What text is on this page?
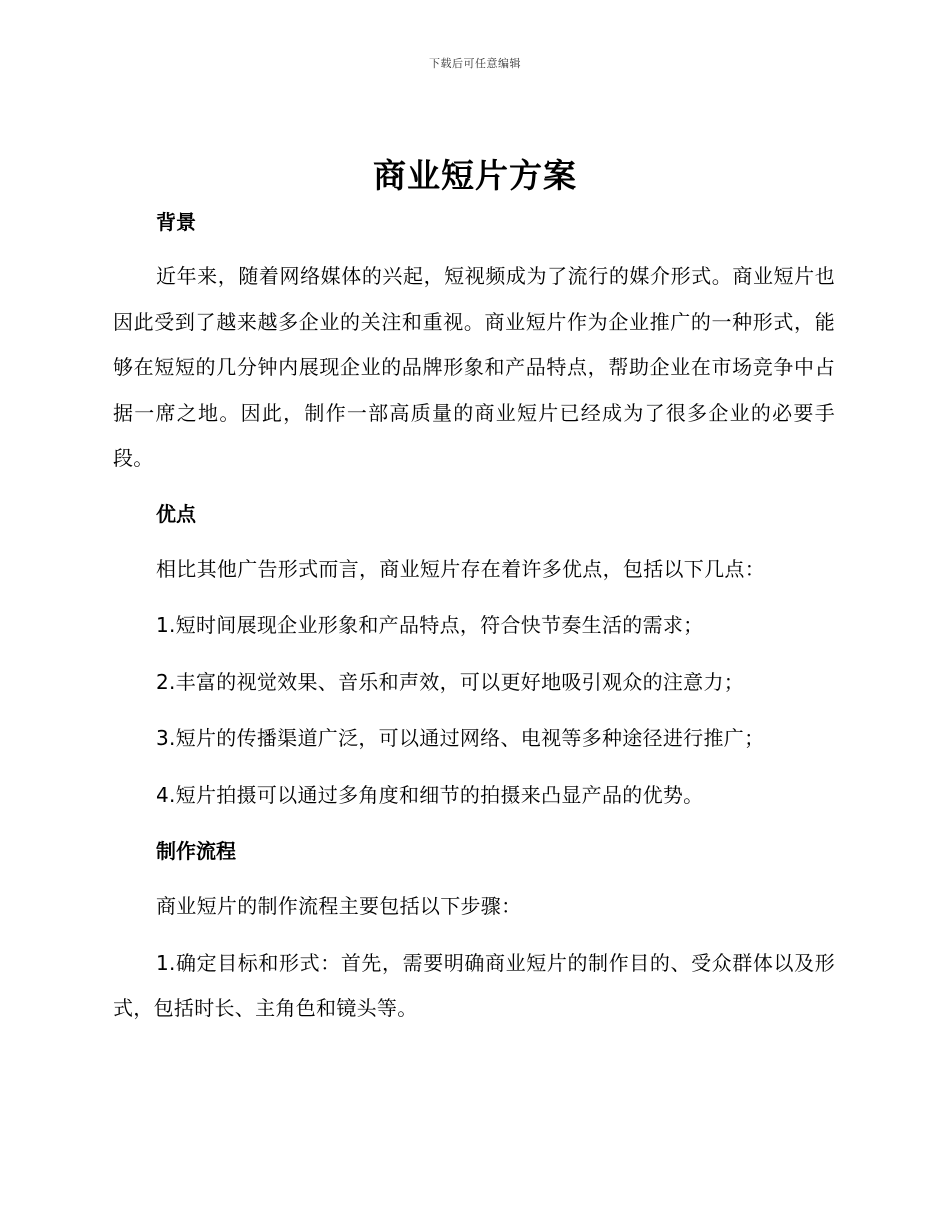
下载后可任意编辑
商业短片方案
背景

近年来，随着网络媒体的兴起，短视频成为了流行的媒介形式。商业短片也因此受到了越来越多企业的关注和重视。商业短片作为企业推广的一种形式，能够在短短的几分钟内展现企业的品牌形象和产品特点，帮助企业在市场竞争中占据一席之地。因此，制作一部高质量的商业短片已经成为了很多企业的必要手段。

优点

相比其他广告形式而言，商业短片存在着许多优点，包括以下几点：

1.短时间展现企业形象和产品特点，符合快节奏生活的需求；

2.丰富的视觉效果、音乐和声效，可以更好地吸引观众的注意力；

3.短片的传播渠道广泛，可以通过网络、电视等多种途径进行推广；

4.短片拍摄可以通过多角度和细节的拍摄来凸显产品的优势。

制作流程

商业短片的制作流程主要包括以下步骤：

1.确定目标和形式：首先，需要明确商业短片的制作目的、受众群体以及形式，包括时长、主角色和镜头等。
